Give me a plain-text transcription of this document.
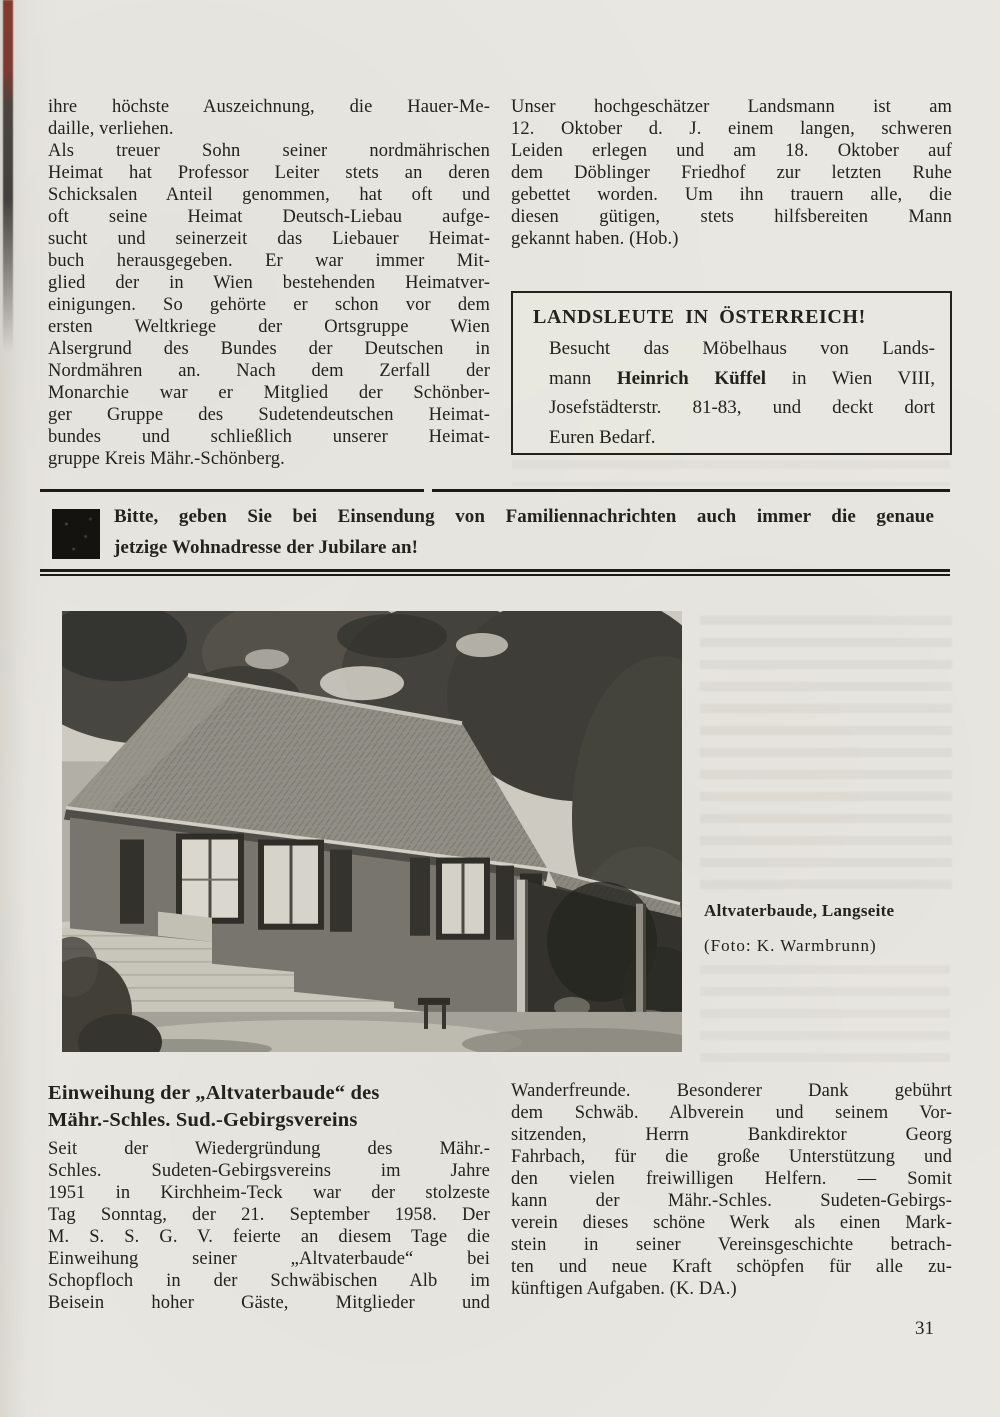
ihre höchste Auszeichnung, die Hauer-Me-
daille, verliehen.
Als treuer Sohn seiner nordmährischen
Heimat hat Professor Leiter stets an deren
Schicksalen Anteil genommen, hat oft und
oft seine Heimat Deutsch-Liebau aufge-
sucht und seinerzeit das Liebauer Heimat-
buch herausgegeben. Er war immer Mit-
glied der in Wien bestehenden Heimatver-
einigungen. So gehörte er schon vor dem
ersten Weltkriege der Ortsgruppe Wien
Alsergrund des Bundes der Deutschen in
Nordmähren an. Nach dem Zerfall der
Monarchie war er Mitglied der Schönber-
ger Gruppe des Sudetendeutschen Heimat-
bundes und schließlich unserer Heimat-
gruppe Kreis Mähr.-Schönberg.
Unser hochgeschätzer Landsmann ist am
12. Oktober d. J. einem langen, schweren
Leiden erlegen und am 18. Oktober auf
dem Döblinger Friedhof zur letzten Ruhe
gebettet worden. Um ihn trauern alle, die
diesen gütigen, stets hilfsbereiten Mann
gekannt haben. (Hob.)
LANDSLEUTE IN ÖSTERREICH!
Besucht das Möbelhaus von Lands-
mann Heinrich Küffel in Wien VIII,
Josefstädterstr. 81-83, und deckt dort
Euren Bedarf.
Bitte, geben Sie bei Einsendung von Familiennachrichten auch immer die genaue
jetzige Wohnadresse der Jubilare an!
Altvaterbaude, Langseite
(Foto: K. Warmbrunn)
Einweihung der „Altvaterbaude“ des
Mähr.-Schles. Sud.-Gebirgsvereins
Seit der Wiedergründung des Mähr.-
Schles. Sudeten-Gebirgsvereins im Jahre
1951 in Kirchheim-Teck war der stolzeste
Tag Sonntag, der 21. September 1958. Der
M. S. S. G. V. feierte an diesem Tage die
Einweihung seiner „Altvaterbaude“ bei
Schopfloch in der Schwäbischen Alb im
Beisein hoher Gäste, Mitglieder und
Wanderfreunde. Besonderer Dank gebührt
dem Schwäb. Albverein und seinem Vor-
sitzenden, Herrn Bankdirektor Georg
Fahrbach, für die große Unterstützung und
den vielen freiwilligen Helfern. — Somit
kann der Mähr.-Schles. Sudeten-Gebirgs-
verein dieses schöne Werk als einen Mark-
stein in seiner Vereinsgeschichte betrach-
ten und neue Kraft schöpfen für alle zu-
künftigen Aufgaben. (K. DA.)
31
